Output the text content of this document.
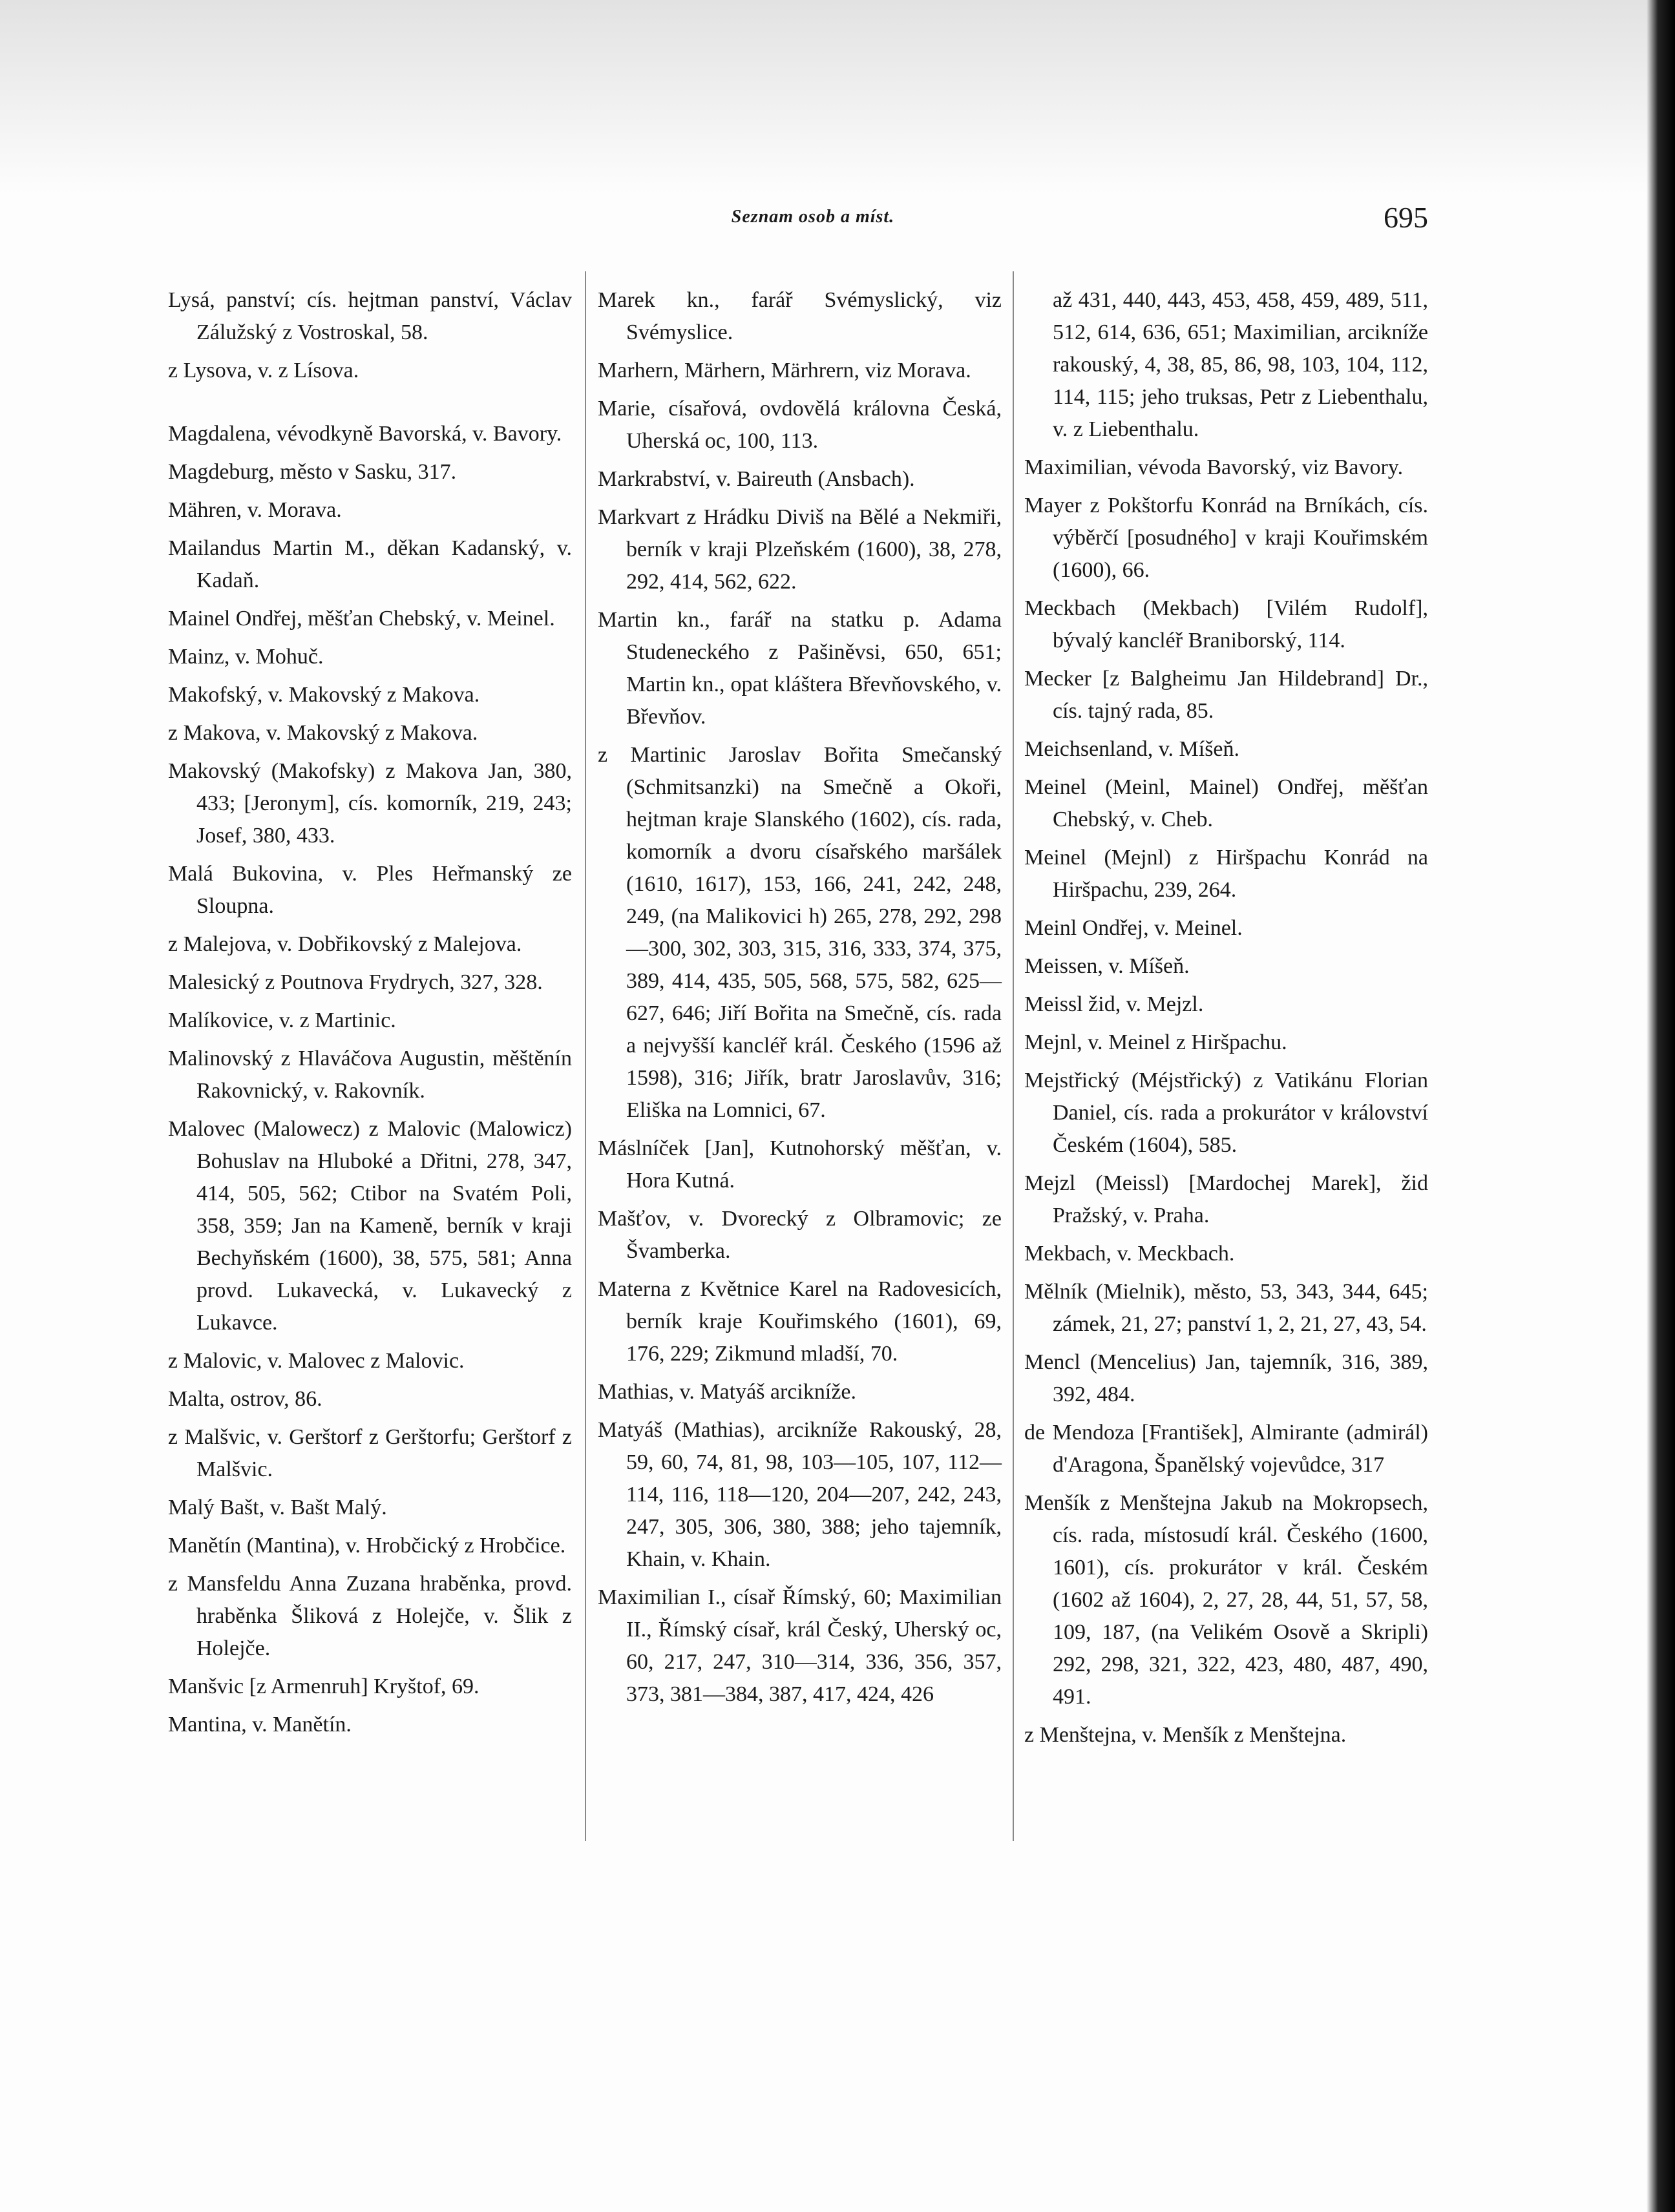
Seznam osob a míst.	695
Lysá, panství; cís. hejtman panství, Václav Zálužský z Vostroskal, 58.
z Lysova, v. z Lísova.
Magdalena, vévodkyně Bavorská, v. Bavory.
Magdeburg, město v Sasku, 317.
Mähren, v. Morava.
Mailandus Martin M., děkan Kadanský, v. Kadaň.
Mainel Ondřej, měšťan Chebský, v. Meinel.
Mainz, v. Mohuč.
Makofský, v. Makovský z Makova.
z Makova, v. Makovský z Makova.
Makovský (Makofsky) z Makova Jan, 380, 433; [Jeronym], cís. komorník, 219, 243; Josef, 380, 433.
Malá Bukovina, v. Ples Heřmanský ze Sloupna.
z Malejova, v. Dobřikovský z Malejova.
Malesický z Poutnova Frydrych, 327, 328.
Malíkovice, v. z Martinic.
Malinovský z Hlaváčova Augustin, měštěnín Rakovnický, v. Rakovník.
Malovec (Malowecz) z Malovic (Malowicz) Bohuslav na Hluboké a Dřitni, 278, 347, 414, 505, 562; Ctibor na Svatém Poli, 358, 359; Jan na Kameně, berník v kraji Bechyňském (1600), 38, 575, 581; Anna provd. Lukavecká, v. Lukavecký z Lukavce.
z Malovic, v. Malovec z Malovic.
Malta, ostrov, 86.
z Malšvic, v. Gerštorf z Gerštorfu; Gerštorf z Malšvic.
Malý Bašt, v. Bašt Malý.
Manětín (Mantina), v. Hrobčický z Hrobčice.
z Mansfeldu Anna Zuzana hraběnka, provd. hraběnka Šliková z Holejče, v. Šlik z Holejče.
Manšvic [z Armenruh] Kryštof, 69.
Mantina, v. Manětín.
Marek kn., farář Svémyslický, viz Svémyslice.
Marhern, Märhern, Märhrern, viz Morava.
Marie, císařová, ovdovělá královna Česká, Uherská oc, 100, 113.
Markrabství, v. Baireuth (Ansbach).
Markvart z Hrádku Diviš na Bělé a Nekmiři, berník v kraji Plzeňském (1600), 38, 278, 292, 414, 562, 622.
Martin kn., farář na statku p. Adama Studeneckého z Pašiněvsi, 650, 651; Martin kn., opat kláštera Břevňovského, v. Břevňov.
z Martinic Jaroslav Bořita Smečanský (Schmitsanzki) na Smečně a Okoři, hejtman kraje Slanského (1602), cís. rada, komorník a dvoru císařského maršálek (1610, 1617), 153, 166, 241, 242, 248, 249, (na Malikovici h) 265, 278, 292, 298—300, 302, 303, 315, 316, 333, 374, 375, 389, 414, 435, 505, 568, 575, 582, 625—627, 646; Jiří Bořita na Smečně, cís. rada a nejvyšší kancléř král. Českého (1596 až 1598), 316; Jiřík, bratr Jaroslavův, 316; Eliška na Lomnici, 67.
Máslníček [Jan], Kutnohorský měšťan, v. Hora Kutná.
Mašťov, v. Dvorecký z Olbramovic; ze Švamberka.
Materna z Květnice Karel na Radovesicích, berník kraje Kouřimského (1601), 69, 176, 229; Zikmund mladší, 70.
Mathias, v. Matyáš arcikníže.
Matyáš (Mathias), arcikníže Rakouský, 28, 59, 60, 74, 81, 98, 103—105, 107, 112—114, 116, 118—120, 204—207, 242, 243, 247, 305, 306, 380, 388; jeho tajemník, Khain, v. Khain.
Maximilian I., císař Římský, 60; Maximilian II., Římský císař, král Český, Uherský oc, 60, 217, 247, 310—314, 336, 356, 357, 373, 381—384, 387, 417, 424, 426
až 431, 440, 443, 453, 458, 459, 489, 511, 512, 614, 636, 651; Maximilian, arcikníže rakouský, 4, 38, 85, 86, 98, 103, 104, 112, 114, 115; jeho truksas, Petr z Liebenthalu, v. z Liebenthalu.
Maximilian, vévoda Bavorský, viz Bavory.
Mayer z Pokštorfu Konrád na Brníkách, cís. výběrčí [posudného] v kraji Kouřimském (1600), 66.
Meckbach (Mekbach) [Vilém Rudolf], bývalý kancléř Braniborský, 114.
Mecker [z Balgheimu Jan Hildebrand] Dr., cís. tajný rada, 85.
Meichsenland, v. Míšeň.
Meinel (Meinl, Mainel) Ondřej, měšťan Chebský, v. Cheb.
Meinel (Mejnl) z Hiršpachu Konrád na Hiršpachu, 239, 264.
Meinl Ondřej, v. Meinel.
Meissen, v. Míšeň.
Meissl žid, v. Mejzl.
Mejnl, v. Meinel z Hiršpachu.
Mejstřický (Méjstřický) z Vatikánu Florian Daniel, cís. rada a prokurátor v království Českém (1604), 585.
Mejzl (Meissl) [Mardochej Marek], žid Pražský, v. Praha.
Mekbach, v. Meckbach.
Mělník (Mielnik), město, 53, 343, 344, 645; zámek, 21, 27; panství 1, 2, 21, 27, 43, 54.
Mencl (Mencelius) Jan, tajemník, 316, 389, 392, 484.
de Mendoza [František], Almirante (admirál) d'Aragona, Španělský vojevůdce, 317
Menšík z Menštejna Jakub na Mokropsech, cís. rada, místosudí král. Českého (1600, 1601), cís. prokurátor v král. Českém (1602 až 1604), 2, 27, 28, 44, 51, 57, 58, 109, 187, (na Velikém Osově a Skripli) 292, 298, 321, 322, 423, 480, 487, 490, 491.
z Menštejna, v. Menšík z Menštejna.
